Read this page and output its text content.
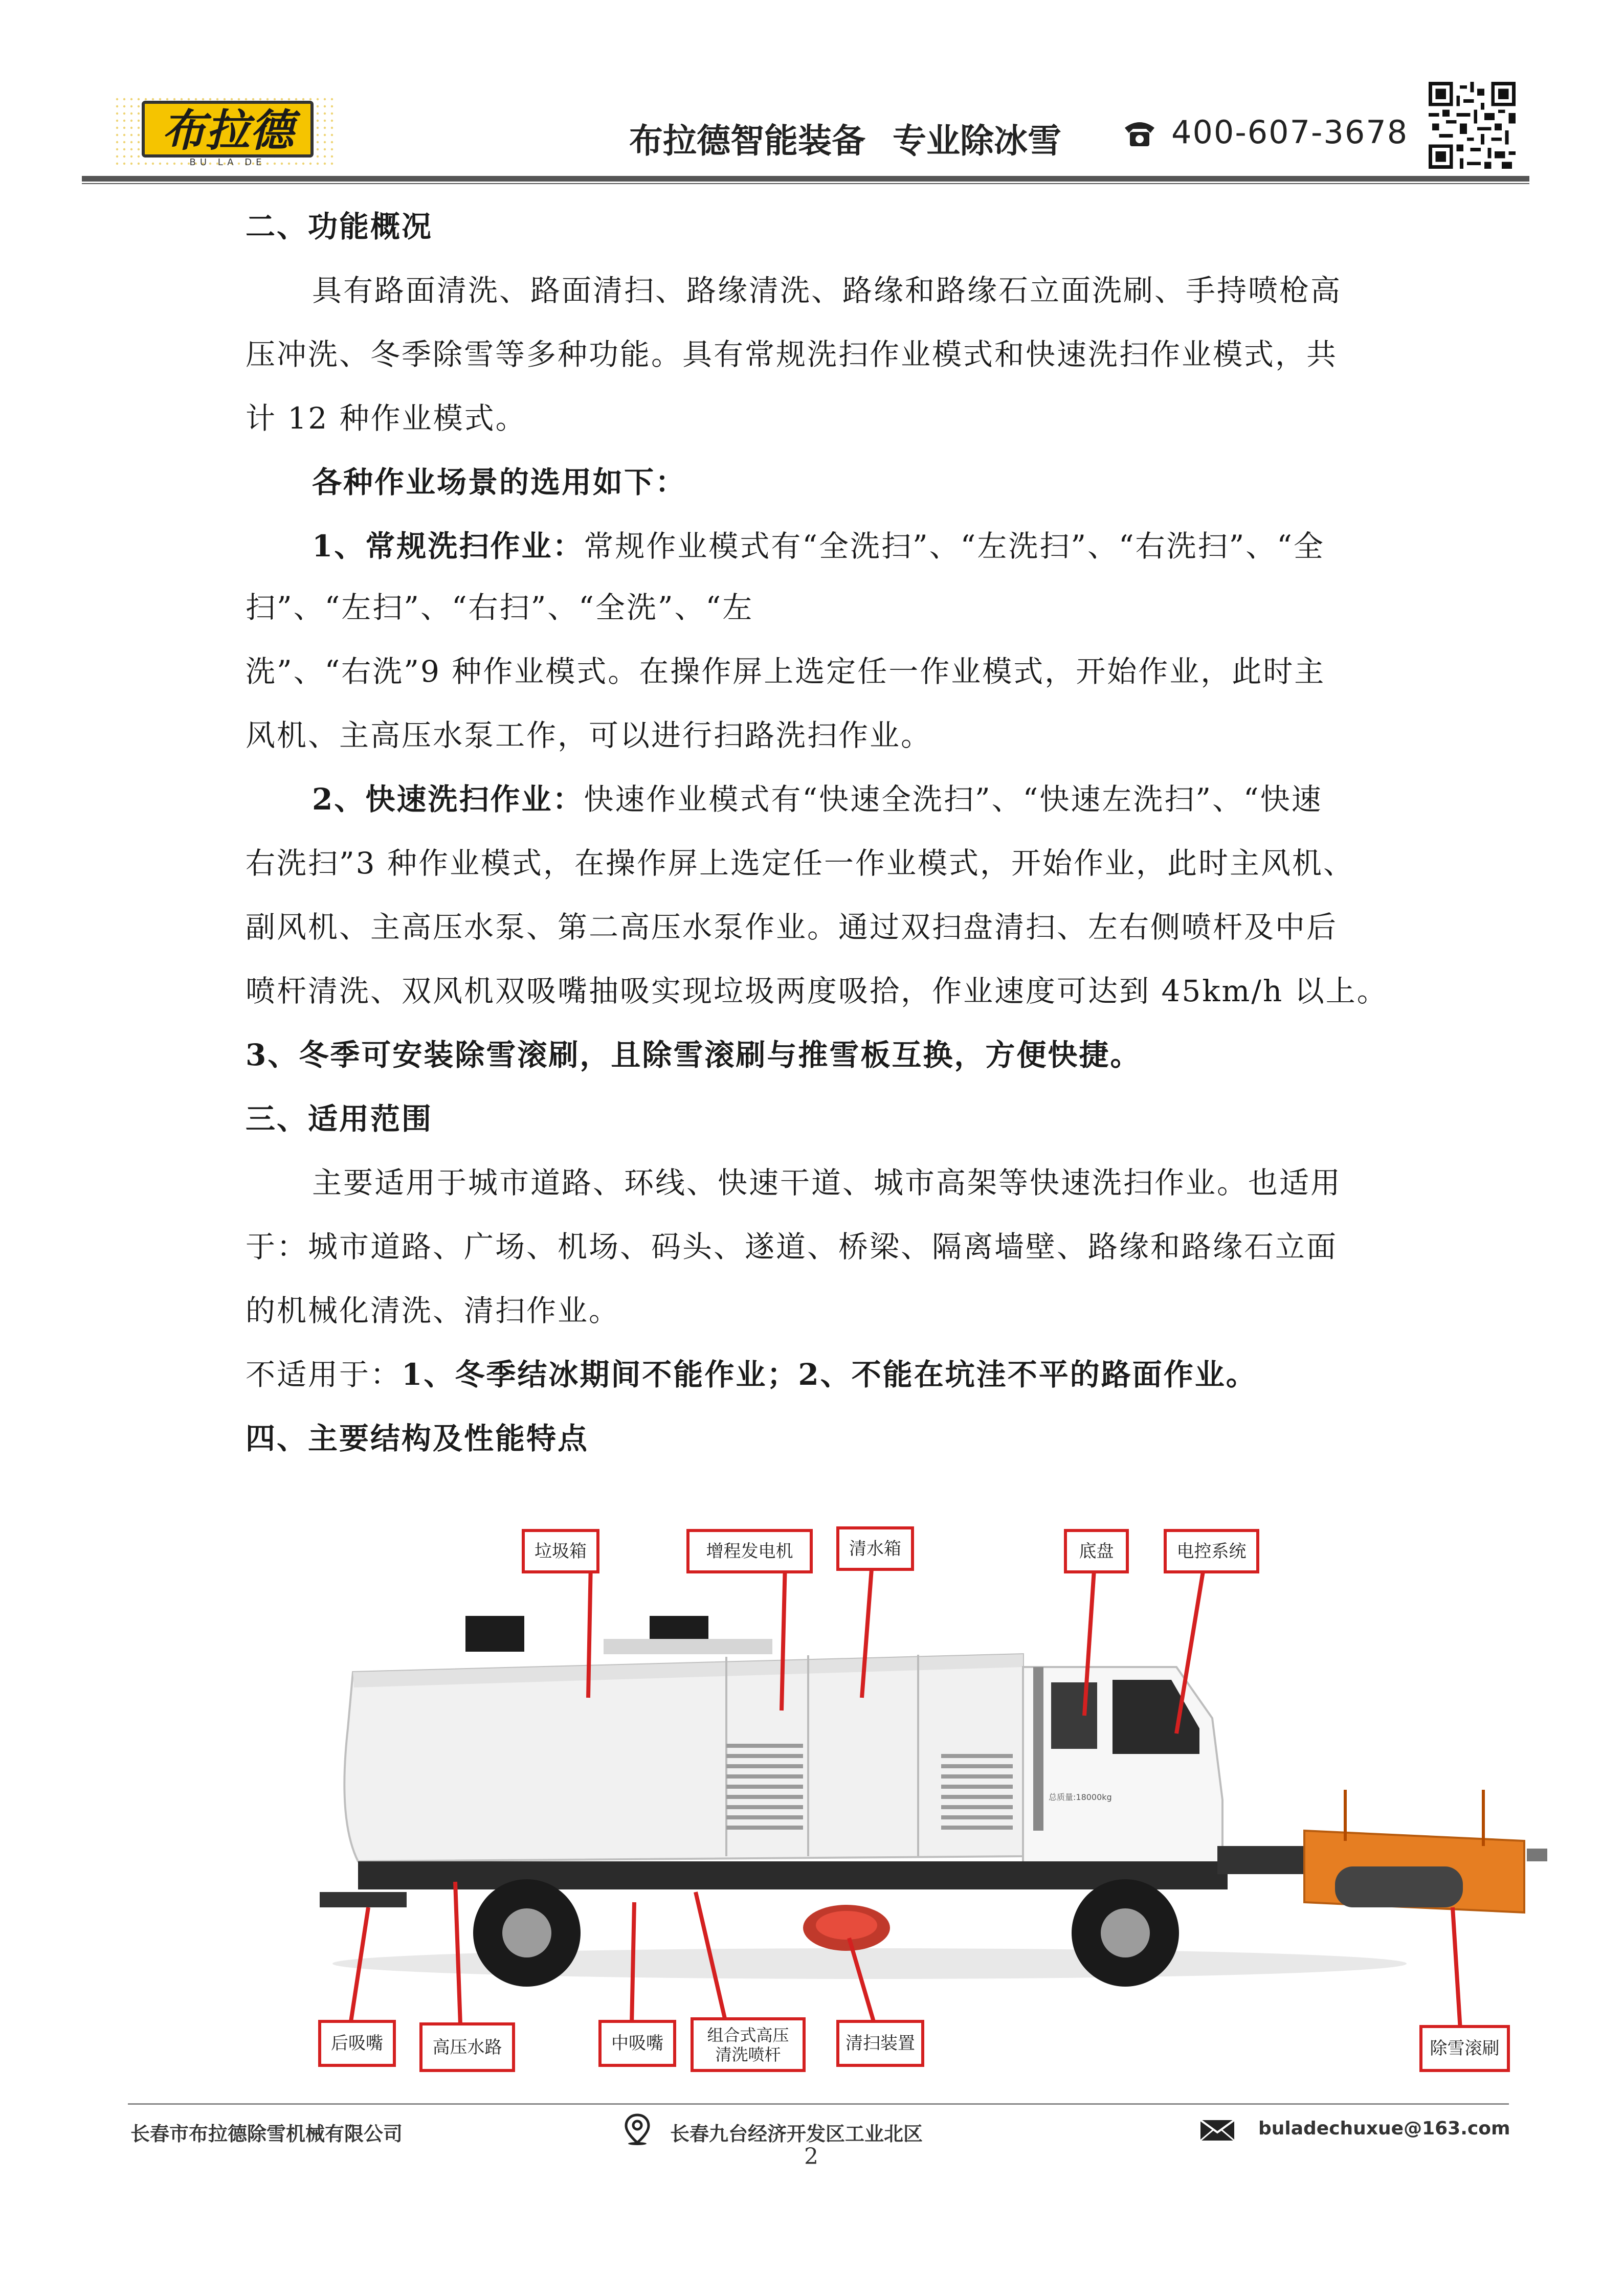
布拉德
BU LA DE
布拉德智能装备 专业除冰雪	400-607-3678
二、功能概况
具有路面清洗、路面清扫、路缘清洗、路缘和路缘石立面洗刷、手持喷枪高
压冲洗、冬季除雪等多种功能。具有常规洗扫作业模式和快速洗扫作业模式，共
计 12 种作业模式。
各种作业场景的选用如下：
1、常规洗扫作业：常规作业模式有“全洗扫”、“左洗扫”、“右洗扫”、“全
扫”、“左扫”、“右扫”、“全洗”、“左
洗”、“右洗”9 种作业模式。在操作屏上选定任一作业模式，开始作业，此时主
风机、主高压水泵工作，可以进行扫路洗扫作业。
2、快速洗扫作业：快速作业模式有“快速全洗扫”、“快速左洗扫”、“快速
右洗扫”3 种作业模式，在操作屏上选定任一作业模式，开始作业，此时主风机、
副风机、主高压水泵、第二高压水泵作业。通过双扫盘清扫、左右侧喷杆及中后
喷杆清洗、双风机双吸嘴抽吸实现垃圾两度吸拾，作业速度可达到 45km/h 以上。
3、冬季可安装除雪滚刷，且除雪滚刷与推雪板互换，方便快捷。
三、适用范围
主要适用于城市道路、环线、快速干道、城市高架等快速洗扫作业。也适用
于：城市道路、广场、机场、码头、遂道、桥梁、隔离墙壁、路缘和路缘石立面
的机械化清洗、清扫作业。
不适用于：1、冬季结冰期间不能作业；2、不能在坑洼不平的路面作业。
四、主要结构及性能特点
总质量:18000kg
垃圾箱	增程发电机	清水箱	底盘	电控系统
后吸嘴	高压水路	中吸嘴	组合式高压清洗喷杆
清扫装置	除雪滚刷
长春市布拉德除雪机械有限公司	长春九台经济开发区工业北区	buladechuxue@163.com
2
